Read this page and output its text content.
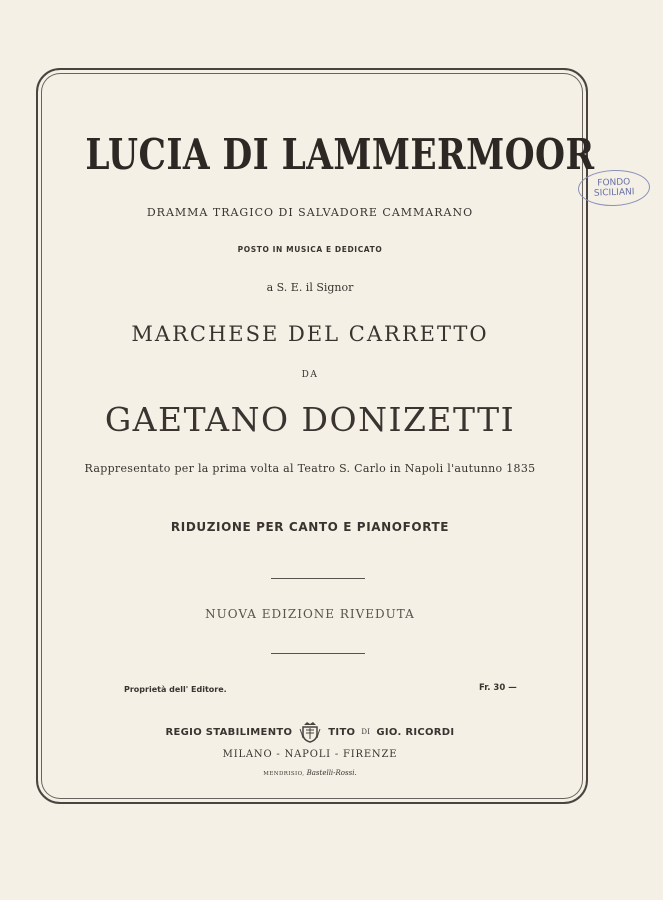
LUCIA DI LAMMERMOOR
DRAMMA TRAGICO DI SALVADORE CAMMARANO
POSTO IN MUSICA E DEDICATO
a S. E. il Signor
MARCHESE DEL CARRETTO
DA
GAETANO DONIZETTI
Rappresentato per la prima volta al Teatro S. Carlo in Napoli l'autunno 1835
RIDUZIONE PER CANTO E PIANOFORTE
NUOVA EDIZIONE RIVEDUTA
Proprietà dell' Editore.	Fr. 30 —
REGIO STABILIMENTO	TITO DI GIO. RICORDI
MILANO - NAPOLI - FIRENZE
MENDRISIO, Bastelli-Rossi.
FONDO
SICILIANI
